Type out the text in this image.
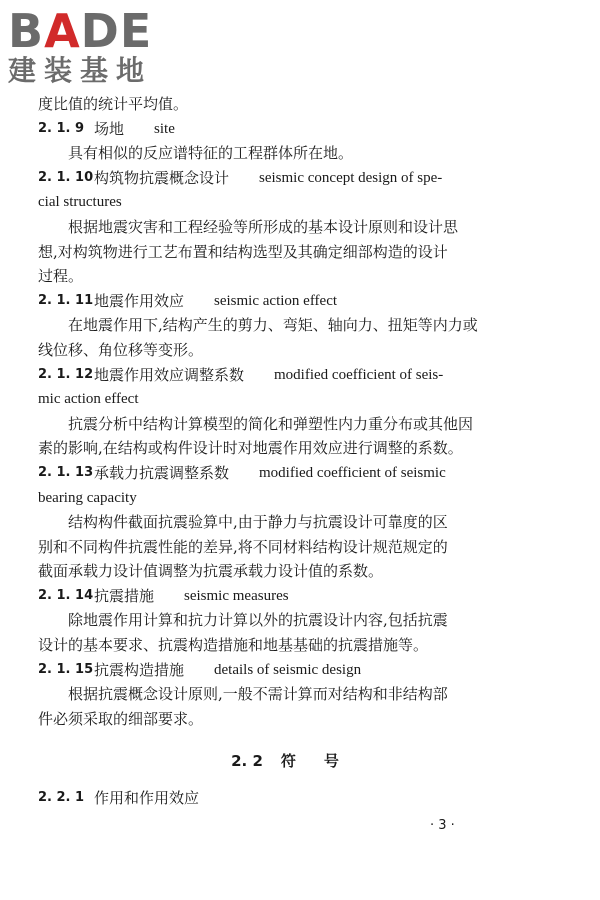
BADE
建装基地
度比值的统计平均值。
2. 1. 9 场地 site
具有相似的反应谱特征的工程群体所在地。
2. 1. 10 构筑物抗震概念设计 seismic concept design of spe-
cial structures
根据地震灾害和工程经验等所形成的基本设计原则和设计思
想,对构筑物进行工艺布置和结构选型及其确定细部构造的设计
过程。
2. 1. 11 地震作用效应 seismic action effect
在地震作用下,结构产生的剪力、弯矩、轴向力、扭矩等内力或
线位移、角位移等变形。
2. 1. 12 地震作用效应调整系数 modified coefficient of seis-
mic action effect
抗震分析中结构计算模型的简化和弹塑性内力重分布或其他因
素的影响,在结构或构件设计时对地震作用效应进行调整的系数。
2. 1. 13 承载力抗震调整系数 modified coefficient of seismic
bearing capacity
结构构件截面抗震验算中,由于静力与抗震设计可靠度的区
别和不同构件抗震性能的差异,将不同材料结构设计规范规定的
截面承载力设计值调整为抗震承载力设计值的系数。
2. 1. 14 抗震措施 seismic measures
除地震作用计算和抗力计算以外的抗震设计内容,包括抗震
设计的基本要求、抗震构造措施和地基基础的抗震措施等。
2. 1. 15 抗震构造措施 details of seismic design
根据抗震概念设计原则,一般不需计算而对结构和非结构部
件必须采取的细部要求。
2. 2 符号
2. 2. 1 作用和作用效应
· 3 ·
